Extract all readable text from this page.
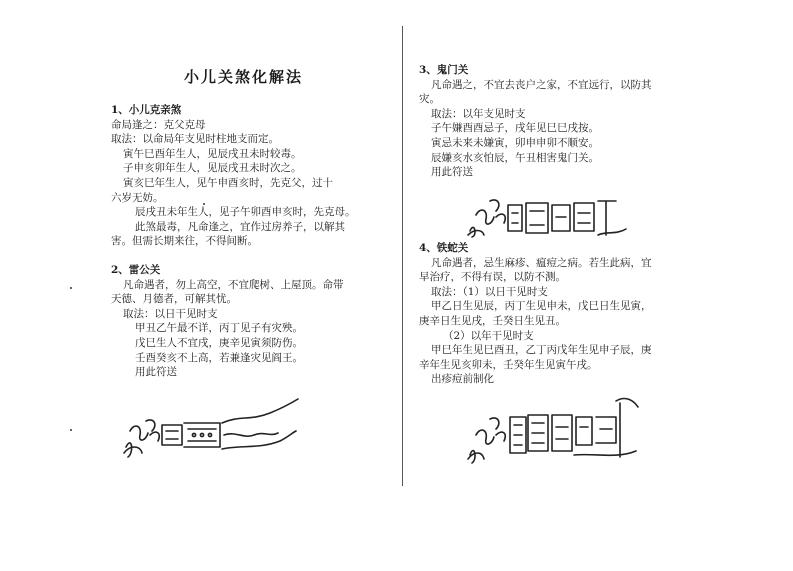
小儿关煞化解法

1、小儿克亲煞

命局逢之：克父克母

取法：以命局年支见时柱地支而定。

寅午巳酉年生人，见辰戌丑未时较毒。

子申亥卯年生人，见辰戌丑未时次之。

寅亥巳年生人，见午申酉亥时，先克父，过十

六岁无妨。

辰戌丑未年生人，见子午卯酉申亥时，先克母。

此煞最毒，凡命逢之，宜作过房养子，以解其

害。但需长期来往，不得间断。

2、雷公关

凡命遇者，勿上高空，不宜爬树、上屋顶。命带

天德、月德者，可解其忧。

取法：以日干见时支

甲丑乙午最不详，丙丁见子有灾殃。

戊巳生人不宜戌，庚辛见寅须防伤。

壬酉癸亥不上高，若兼逢灾见阎王。

用此符送

3、鬼门关

凡命遇之，不宜去丧户之家，不宜远行，以防其

灾。

取法：以年支见时支

子午嫌酉酉忌子，戌年见巳巳戌按。

寅忌未来未嫌寅，卯申申卯不顺安。

辰嫌亥水亥怕辰，午丑相害鬼门关。

用此符送

4、铁蛇关

凡命遇者，忌生麻疹、瘟痘之病。若生此病，宜

早治疗，不得有误，以防不测。

取法：（1）以日干见时支

甲乙日生见辰，丙丁生见申未，戊巳日生见寅，

庚辛日生见戌，壬癸日生见丑。

（2）以年干见时支

甲巳年生见巳酉丑，乙丁丙戊年生见申子辰，庚

辛年生见亥卯未，壬癸年生见寅午戌。

出疹痘前制化
